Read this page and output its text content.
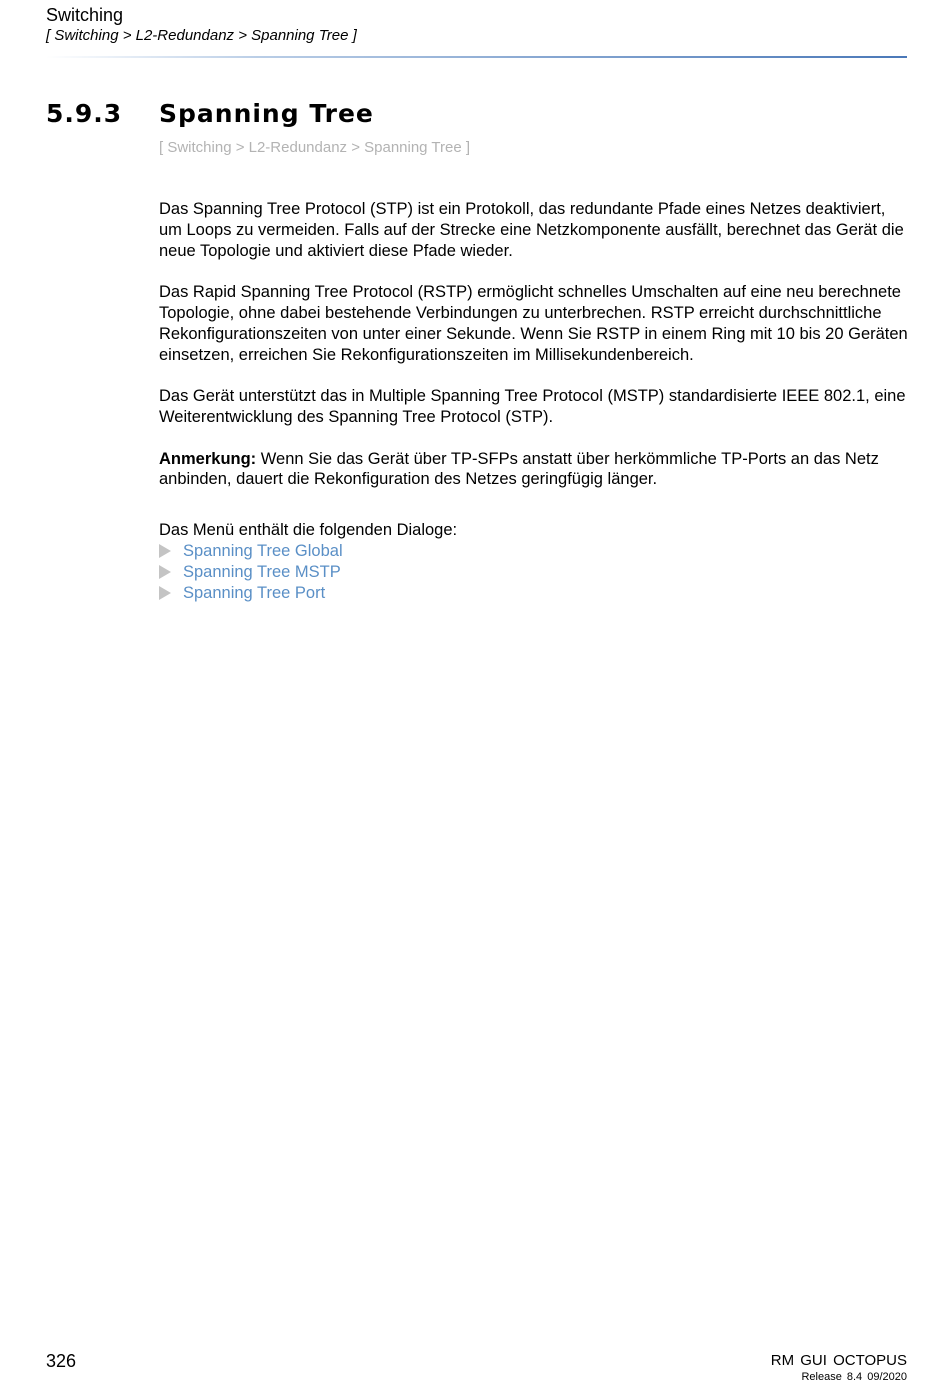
Switching
[ Switching > L2-Redundanz > Spanning Tree ]
5.9.3 Spanning Tree
[ Switching > L2-Redundanz > Spanning Tree ]

Das Spanning Tree Protocol (STP) ist ein Protokoll, das redundante Pfade eines Netzes deaktiviert, um Loops zu vermeiden. Falls auf der Strecke eine Netzkomponente ausfällt, berechnet das Gerät die neue Topologie und aktiviert diese Pfade wieder.

Das Rapid Spanning Tree Protocol (RSTP) ermöglicht schnelles Umschalten auf eine neu berechnete Topologie, ohne dabei bestehende Verbindungen zu unterbrechen. RSTP erreicht durchschnittliche Rekonfigurationszeiten von unter einer Sekunde. Wenn Sie RSTP in einem Ring mit 10 bis 20 Geräten einsetzen, erreichen Sie Rekonfigurationszeiten im Millisekundenbereich.

Das Gerät unterstützt das in Multiple Spanning Tree Protocol (MSTP) standardisierte IEEE 802.1, eine Weiterentwicklung des Spanning Tree Protocol (STP).

Anmerkung: Wenn Sie das Gerät über TP-SFPs anstatt über herkömmliche TP-Ports an das Netz anbinden, dauert die Rekonfiguration des Netzes geringfügig länger.

Das Menü enthält die folgenden Dialoge:

Spanning Tree Global
Spanning Tree MSTP
Spanning Tree Port
326	RM GUI OCTOPUS
Release 8.4 09/2020
